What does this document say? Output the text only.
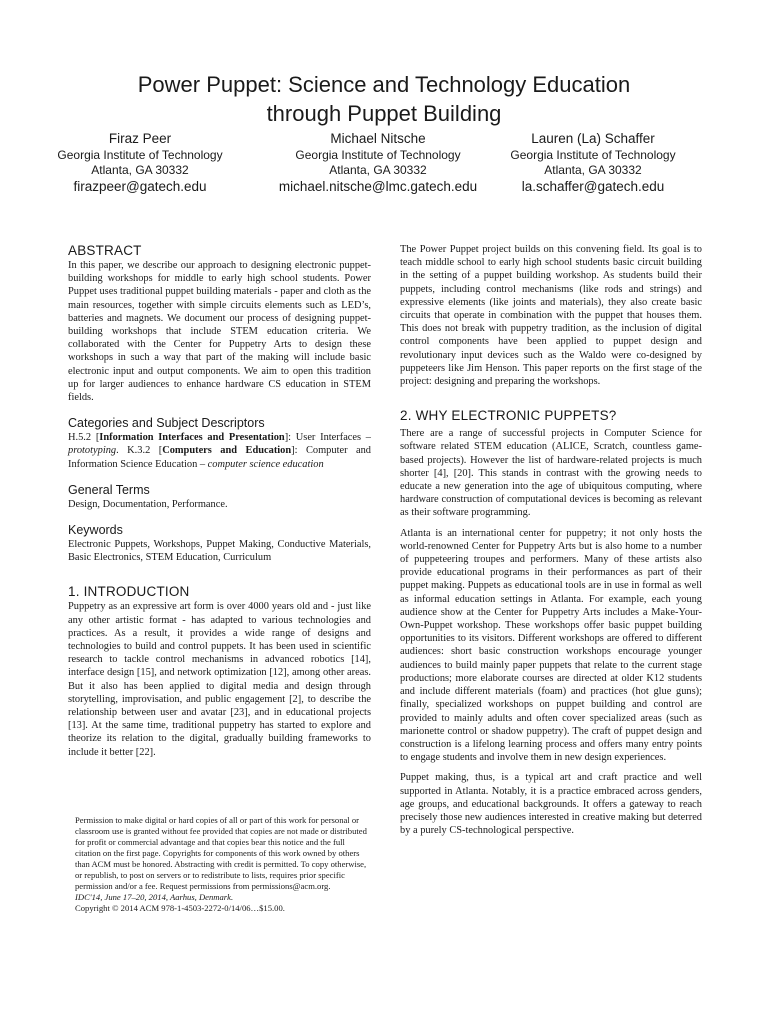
Power Puppet: Science and Technology Education
through Puppet Building
Firaz Peer
Georgia Institute of Technology
Atlanta, GA 30332
firazpeer@gatech.edu
Michael Nitsche
Georgia Institute of Technology
Atlanta, GA 30332
michael.nitsche@lmc.gatech.edu
Lauren (La) Schaffer
Georgia Institute of Technology
Atlanta, GA 30332
la.schaffer@gatech.edu
ABSTRACT

In this paper, we describe our approach to designing electronic puppet-building workshops for middle to early high school students. Power Puppet uses traditional puppet building materials - paper and cloth as the main resources, together with simple circuits elements such as LED’s, batteries and magnets. We document our process of designing puppet-building workshops that include STEM education criteria. We collaborated with the Center for Puppetry Arts to design these workshops in such a way that part of the making will include basic electronic input and output components. We aim to open this tradition up for larger audiences to enhance hardware CS education in STEM fields.

Categories and Subject Descriptors

H.5.2 [Information Interfaces and Presentation]: User Interfaces – prototyping. K.3.2 [Computers and Education]: Computer and Information Science Education – computer science education

General Terms

Design, Documentation, Performance.

Keywords

Electronic Puppets, Workshops, Puppet Making, Conductive Materials, Basic Electronics, STEM Education, Curriculum

1. INTRODUCTION

Puppetry as an expressive art form is over 4000 years old and - just like any other artistic format - has adapted to various technologies and practices. As a result, it provides a wide range of designs and technologies to build and control puppets. It has been used in scientific research to tackle control mechanisms in advanced robotics [14], interface design [15], and network optimization [12], among other areas. But it also has been applied to digital media and design through storytelling, improvisation, and public engagement [2], to describe the relationship between user and avatar [23], and in educational projects [13]. At the same time, traditional puppetry has started to explore and theorize its relation to the digital, gradually building frameworks to include it better [22].

Permission to make digital or hard copies of all or part of this work for personal or classroom use is granted without fee provided that copies are not made or distributed for profit or commercial advantage and that copies bear this notice and the full citation on the first page. Copyrights for components of this work owned by others than ACM must be honored. Abstracting with credit is permitted. To copy otherwise, or republish, to post on servers or to redistribute to lists, requires prior specific permission and/or a fee. Request permissions from permissions@acm.org.

IDC'14, June 17–20, 2014, Aarhus, Denmark.

Copyright © 2014 ACM 978-1-4503-2272-0/14/06…$15.00.

The Power Puppet project builds on this convening field. Its goal is to teach middle school to early high school students basic circuit building in the setting of a puppet building workshop. As students build their puppets, including control mechanisms (like rods and strings) and expressive elements (like joints and materials), they also create basic circuits that operate in combination with the puppet that houses them. This does not break with puppetry tradition, as the inclusion of digital control components have been applied to puppet design and revolutionary input devices such as the Waldo were co-designed by puppeteers like Jim Henson. This paper reports on the first stage of the project: designing and preparing the workshops.

2. WHY ELECTRONIC PUPPETS?

There are a range of successful projects in Computer Science for software related STEM education (ALICE, Scratch, countless game-based projects). However the list of hardware-related projects is much shorter [4], [20]. This stands in contrast with the growing needs to educate a new generation into the age of ubiquitous computing, where hardware construction of computational devices is becoming as relevant as their software programming.

Atlanta is an international center for puppetry; it not only hosts the world-renowned Center for Puppetry Arts but is also home to a number of puppeteering troupes and performers. Many of these artists also provide educational programs in their performances as part of their puppet making. Puppets as educational tools are in use in formal as well as informal education settings in Atlanta. For example, each young audience show at the Center for Puppetry Arts includes a Make-Your-Own-Puppet workshop. These workshops offer basic puppet building opportunities to its visitors. Different workshops are offered to different audiences: short basic construction workshops encourage younger audiences to build mainly paper puppets that relate to the current stage productions; more elaborate courses are directed at older K12 students and include different materials (foam) and practices (hot glue guns); finally, specialized workshops on puppet building and control are provided to mainly adults and often cover specialized areas (such as marionette control or shadow puppetry). The craft of puppet design and construction is a lifelong learning process and offers many entry points to engage students and involve them in new design experiences.

Puppet making, thus, is a typical art and craft practice and well supported in Atlanta. Notably, it is a practice embraced across genders, age groups, and educational backgrounds. It offers a gateway to reach precisely those new audiences interested in creative making but deterred by a purely CS-technological perspective.
